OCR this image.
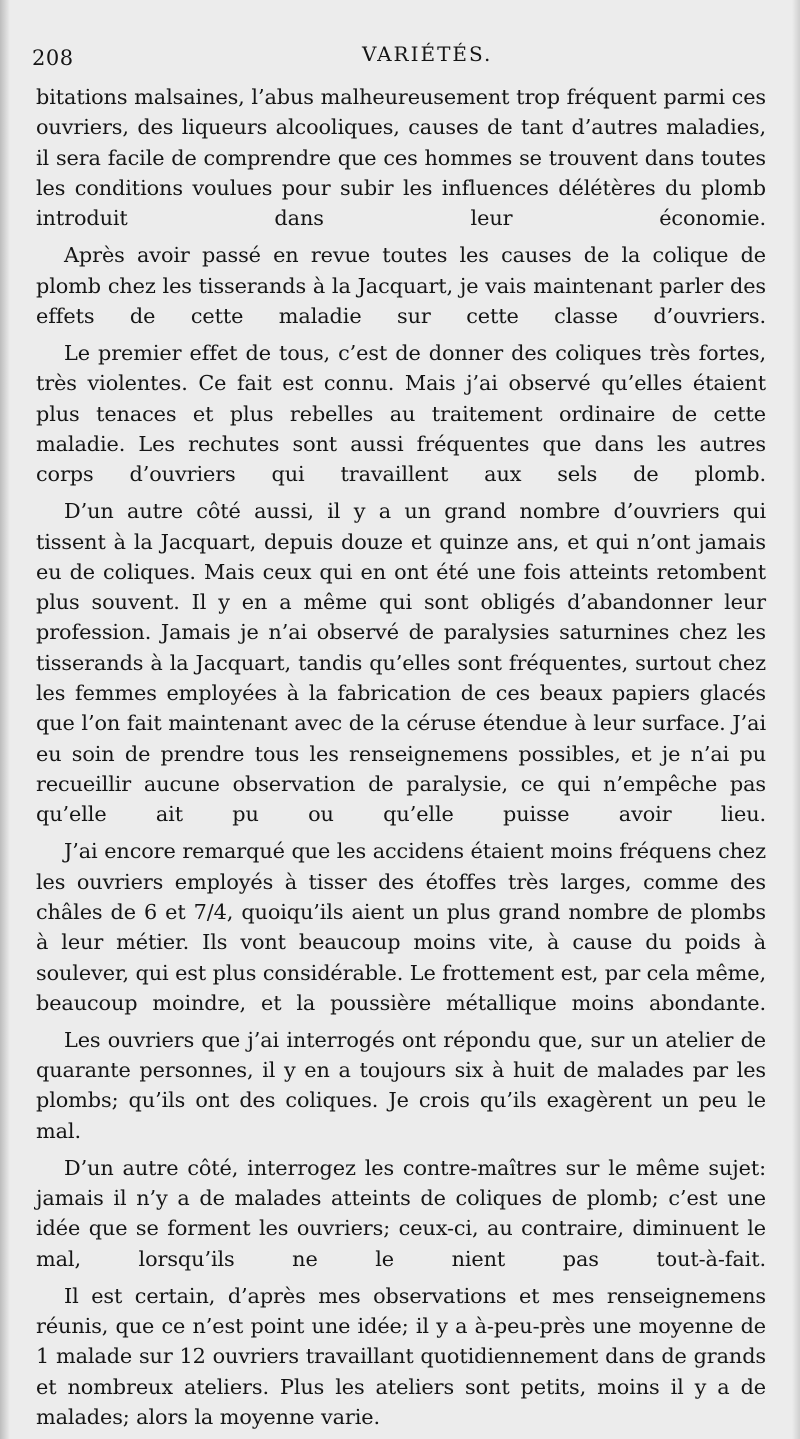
208	VARIÉTÉS.

bitations malsaines, l’abus malheureusement trop fréquent parmi ces ouvriers, des liqueurs alcooliques, causes de tant d’autres maladies, il sera facile de comprendre que ces hommes se trouvent dans toutes les conditions voulues pour subir les influences délétères du plomb introduit dans leur économie.

Après avoir passé en revue toutes les causes de la colique de plomb chez les tisserands à la Jacquart, je vais maintenant parler des effets de cette maladie sur cette classe d’ouvriers.

Le premier effet de tous, c’est de donner des coliques très fortes, très violentes. Ce fait est connu. Mais j’ai observé qu’elles étaient plus tenaces et plus rebelles au traitement ordinaire de cette maladie. Les rechutes sont aussi fréquentes que dans les autres corps d’ouvriers qui travaillent aux sels de plomb.

D’un autre côté aussi, il y a un grand nombre d’ouvriers qui tissent à la Jacquart, depuis douze et quinze ans, et qui n’ont jamais eu de coliques. Mais ceux qui en ont été une fois atteints retombent plus souvent. Il y en a même qui sont obligés d’abandonner leur profession. Jamais je n’ai observé de paralysies saturnines chez les tisserands à la Jacquart, tandis qu’elles sont fréquentes, surtout chez les femmes employées à la fabrication de ces beaux papiers glacés que l’on fait maintenant avec de la céruse étendue à leur surface. J’ai eu soin de prendre tous les renseignemens possibles, et je n’ai pu recueillir aucune observation de paralysie, ce qui n’empêche pas qu’elle ait pu ou qu’elle puisse avoir lieu.

J’ai encore remarqué que les accidens étaient moins fréquens chez les ouvriers employés à tisser des étoffes très larges, comme des châles de 6 et 7/4, quoiqu’ils aient un plus grand nombre de plombs à leur métier. Ils vont beaucoup moins vite, à cause du poids à soulever, qui est plus considérable. Le frottement est, par cela même, beaucoup moindre, et la poussière métallique moins abondante.

Les ouvriers que j’ai interrogés ont répondu que, sur un atelier de quarante personnes, il y en a toujours six à huit de malades par les plombs; qu’ils ont des coliques. Je crois qu’ils exagèrent un peu le mal.

D’un autre côté, interrogez les contre-maîtres sur le même sujet: jamais il n’y a de malades atteints de coliques de plomb; c’est une idée que se forment les ouvriers; ceux-ci, au contraire, diminuent le mal, lorsqu’ils ne le nient pas tout-à-fait.

Il est certain, d’après mes observations et mes renseignemens réunis, que ce n’est point une idée; il y a à-peu-près une moyenne de 1 malade sur 12 ouvriers travaillant quotidiennement dans de grands et nombreux ateliers. Plus les ateliers sont petits, moins il y a de malades; alors la moyenne varie.
